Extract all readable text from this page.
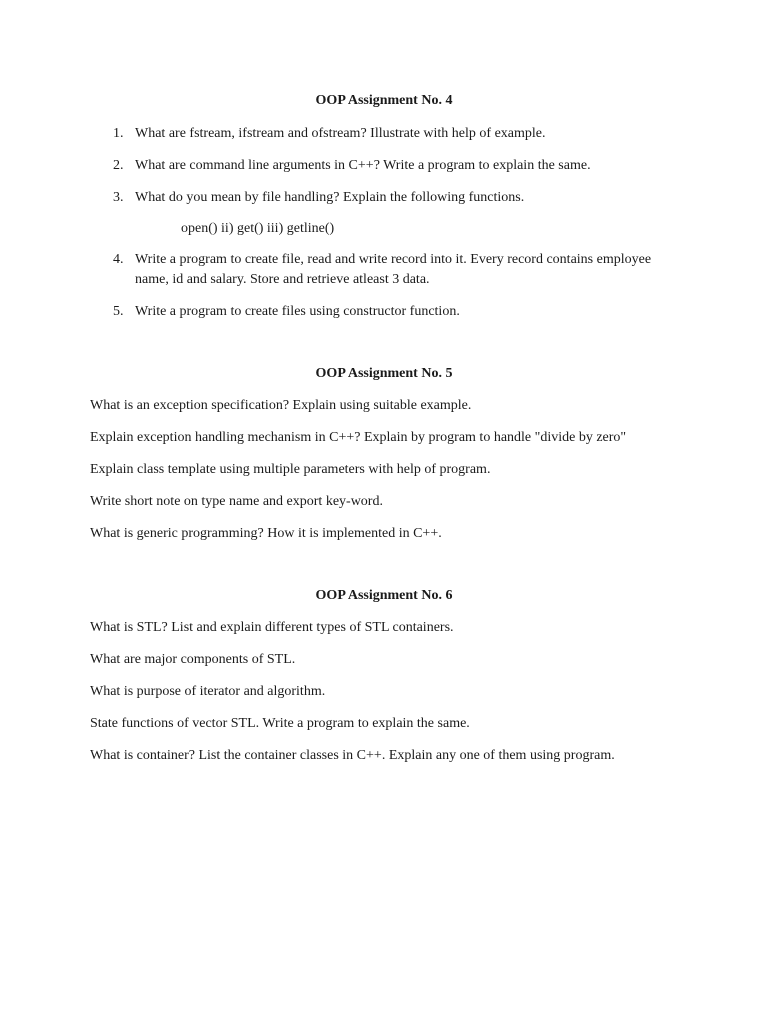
OOP Assignment No. 4
1. What are fstream, ifstream and ofstream? Illustrate with help of example.
2. What are command line arguments in C++? Write a program to explain the same.
3. What do you mean by file handling? Explain the following functions.
open() ii) get() iii) getline()
4. Write a program to create file, read and write record into it. Every record contains employee name, id and salary. Store and retrieve atleast 3 data.
5. Write a program to create files using constructor function.
OOP Assignment No. 5
What is an exception specification? Explain using suitable example.
Explain exception handling mechanism in C++? Explain by program to handle "divide by zero"
Explain class template using multiple parameters with help of program.
Write short note on type name and export key-word.
What is generic programming? How it is implemented in C++.
OOP Assignment No. 6
What is STL? List and explain different types of STL containers.
What are major components of STL.
What is purpose of iterator and algorithm.
State functions of vector STL. Write a program to explain the same.
What is container? List the container classes in C++. Explain any one of them using program.
